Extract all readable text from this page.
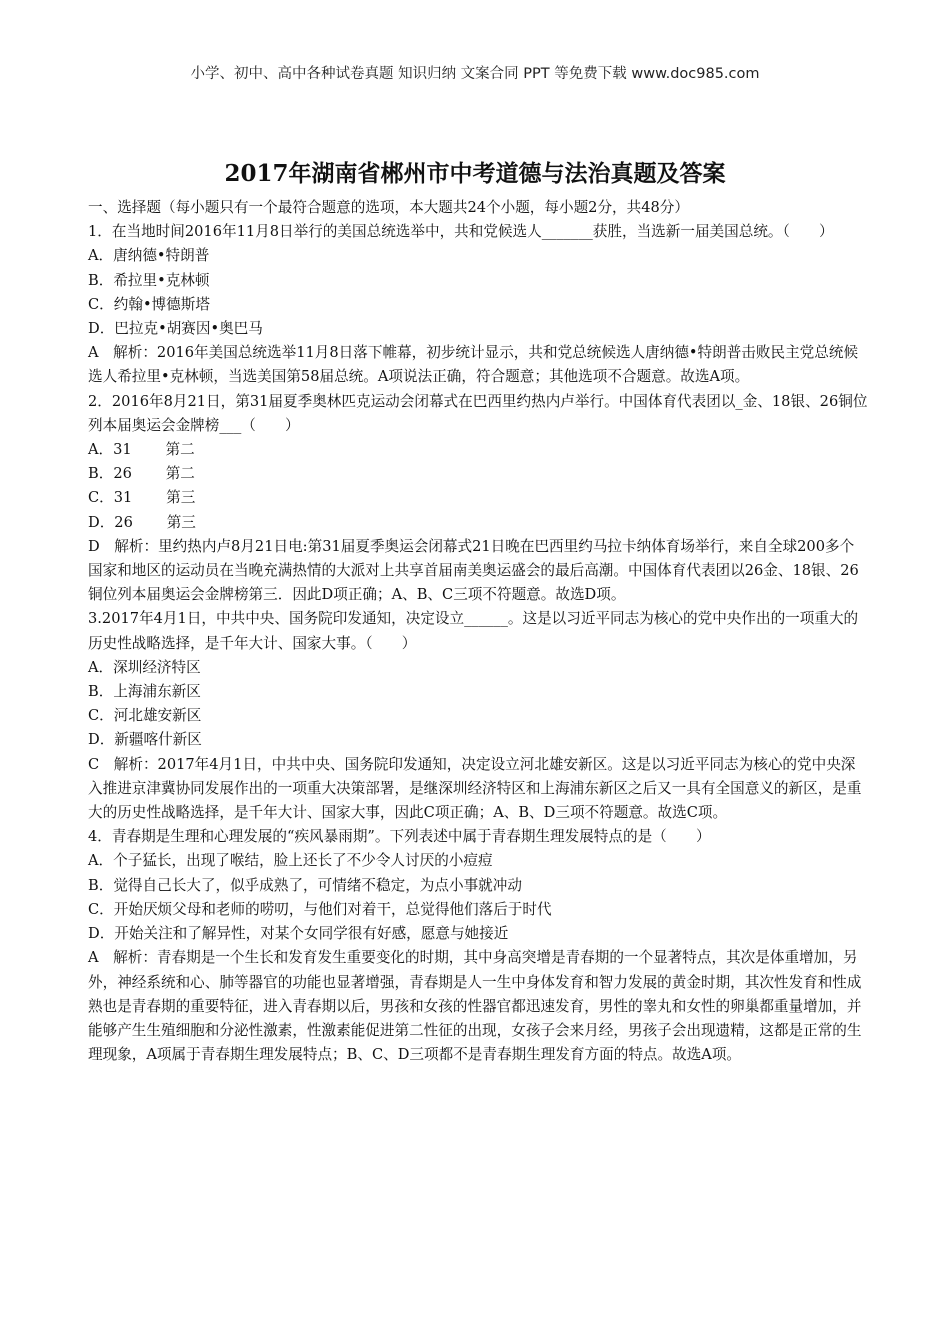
小学、初中、高中各种试卷真题 知识归纳 文案合同 PPT 等免费下载 www.doc985.com
2017年湖南省郴州市中考道德与法治真题及答案

一、选择题（每小题只有一个最符合题意的选项，本大题共24个小题，每小题2分，共48分）

1．在当地时间2016年11月8日举行的美国总统选举中，共和党候选人_______获胜，当选新一届美国总统。（　　）

A．唐纳德•特朗普

B．希拉里•克林顿

C．约翰•博德斯塔

D．巴拉克•胡赛因•奥巴马

A　解析：2016年美国总统选举11月8日落下帷幕，初步统计显示，共和党总统候选人唐纳德•特朗普击败民主党总统候选人希拉里•克林顿，当选美国第58届总统。A项说法正确，符合题意；其他选项不合题意。故选A项。

2．2016年8月21日，第31届夏季奥林匹克运动会闭幕式在巴西里约热内卢举行。中国体育代表团以_金、18银、26铜位列本届奥运会金牌榜___（　　）

A．31　　 第二

B．26　　 第二

C．31　　 第三

D．26　　 第三

D　解析：里约热内卢8月21日电:第31届夏季奥运会闭幕式21日晚在巴西里约马拉卡纳体育场举行，来自全球200多个国家和地区的运动员在当晚充满热情的大派对上共享首届南美奥运盛会的最后高潮。中国体育代表团以26金、18银、26铜位列本届奥运会金牌榜第三．因此D项正确；A、B、C三项不符题意。故选D项。

3.2017年4月1日，中共中央、国务院印发通知，决定设立______。这是以习近平同志为核心的党中央作出的一项重大的历史性战略选择，是千年大计、国家大事。（　　）

A．深圳经济特区

B．上海浦东新区

C．河北雄安新区

D．新疆喀什新区

C　解析：2017年4月1日，中共中央、国务院印发通知，决定设立河北雄安新区。这是以习近平同志为核心的党中央深入推进京津冀协同发展作出的一项重大决策部署，是继深圳经济特区和上海浦东新区之后又一具有全国意义的新区，是重大的历史性战略选择，是千年大计、国家大事，因此C项正确；A、B、D三项不符题意。故选C项。

4．青春期是生理和心理发展的“疾风暴雨期”。下列表述中属于青春期生理发展特点的是（　　）

A．个子猛长，出现了喉结，脸上还长了不少令人讨厌的小痘痘

B．觉得自己长大了，似乎成熟了，可情绪不稳定，为点小事就冲动

C．开始厌烦父母和老师的唠叨，与他们对着干，总觉得他们落后于时代

D．开始关注和了解异性，对某个女同学很有好感，愿意与她接近

A　解析：青春期是一个生长和发育发生重要变化的时期，其中身高突增是青春期的一个显著特点，其次是体重增加，另外，神经系统和心、肺等器官的功能也显著增强，青春期是人一生中身体发育和智力发展的黄金时期，其次性发育和性成熟也是青春期的重要特征，进入青春期以后，男孩和女孩的性器官都迅速发育，男性的睾丸和女性的卵巢都重量增加，并能够产生生殖细胞和分泌性激素，性激素能促进第二性征的出现，女孩子会来月经，男孩子会出现遗精，这都是正常的生理现象，A项属于青春期生理发展特点；B、C、D三项都不是青春期生理发育方面的特点。故选A项。
